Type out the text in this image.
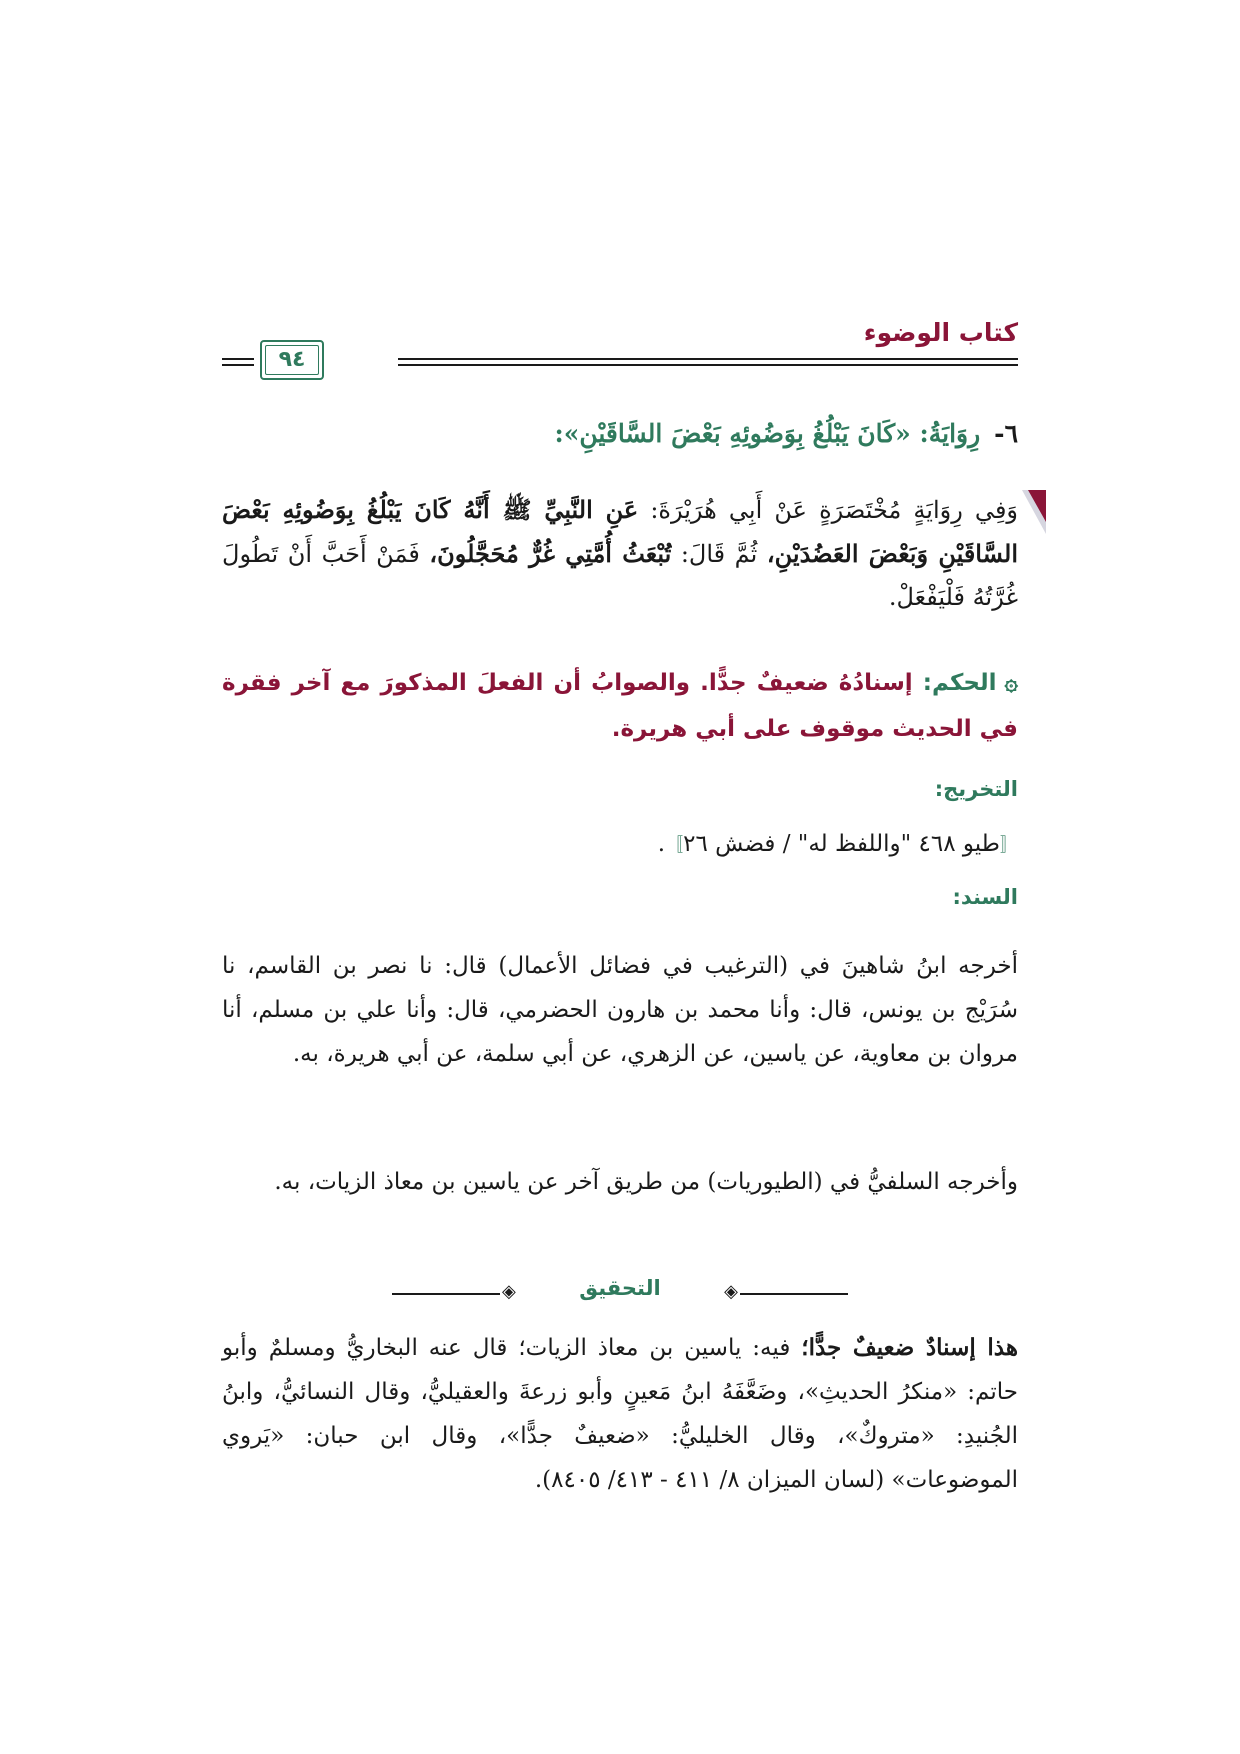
كتاب الوضوء
٩٤
٦-رِوَايَةُ: «كَانَ يَبْلُغُ بِوَضُوئِهِ بَعْضَ السَّاقَيْنِ»:
وَفِي رِوَايَةٍ مُخْتَصَرَةٍ عَنْ أَبِي هُرَيْرَةَ: عَنِ النَّبِيِّ ﷺ أَنَّهُ كَانَ يَبْلُغُ بِوَضُوئِهِ بَعْضَ السَّاقَيْنِ وَبَعْضَ العَضُدَيْنِ، ثُمَّ قَالَ: تُبْعَثُ أُمَّتِي غُرٌّ مُحَجَّلُونَ، فَمَنْ أَحَبَّ أَنْ تَطُولَ غُرَّتُهُ فَلْيَفْعَلْ.
۞الحكم: إسنادُهُ ضعيفٌ جدًّا. والصوابُ أن الفعلَ المذكورَ مع آخر فقرة في الحديث موقوف على أبي هريرة.
التخريج:
〚طيو ٤٦٨ "واللفظ له" / فضش ٢٦〛.
السند:
أخرجه ابنُ شاهينَ في (الترغيب في فضائل الأعمال) قال: نا نصر بن القاسم، نا سُرَيْج بن يونس، قال: وأنا محمد بن هارون الحضرمي، قال: وأنا علي بن مسلم، أنا مروان بن معاوية، عن ياسين، عن الزهري، عن أبي سلمة، عن أبي هريرة، به.
وأخرجه السلفيُّ في (الطيوريات) من طريق آخر عن ياسين بن معاذ الزيات، به.
◈
◈	التحقيق
هذا إسنادٌ ضعيفٌ جدًّا؛ فيه: ياسين بن معاذ الزيات؛ قال عنه البخاريُّ ومسلمٌ وأبو حاتم: «منكرُ الحديثِ»، وضَعَّفَهُ ابنُ مَعينٍ وأبو زرعةَ والعقيليُّ، وقال النسائيُّ، وابنُ الجُنيدِ: «متروكٌ»، وقال الخليليُّ: «ضعيفٌ جدًّا»، وقال ابن حبان: «يَروي الموضوعات» (لسان الميزان ٨/ ٤١١ - ٤١٣/ ٨٤٠٥).
